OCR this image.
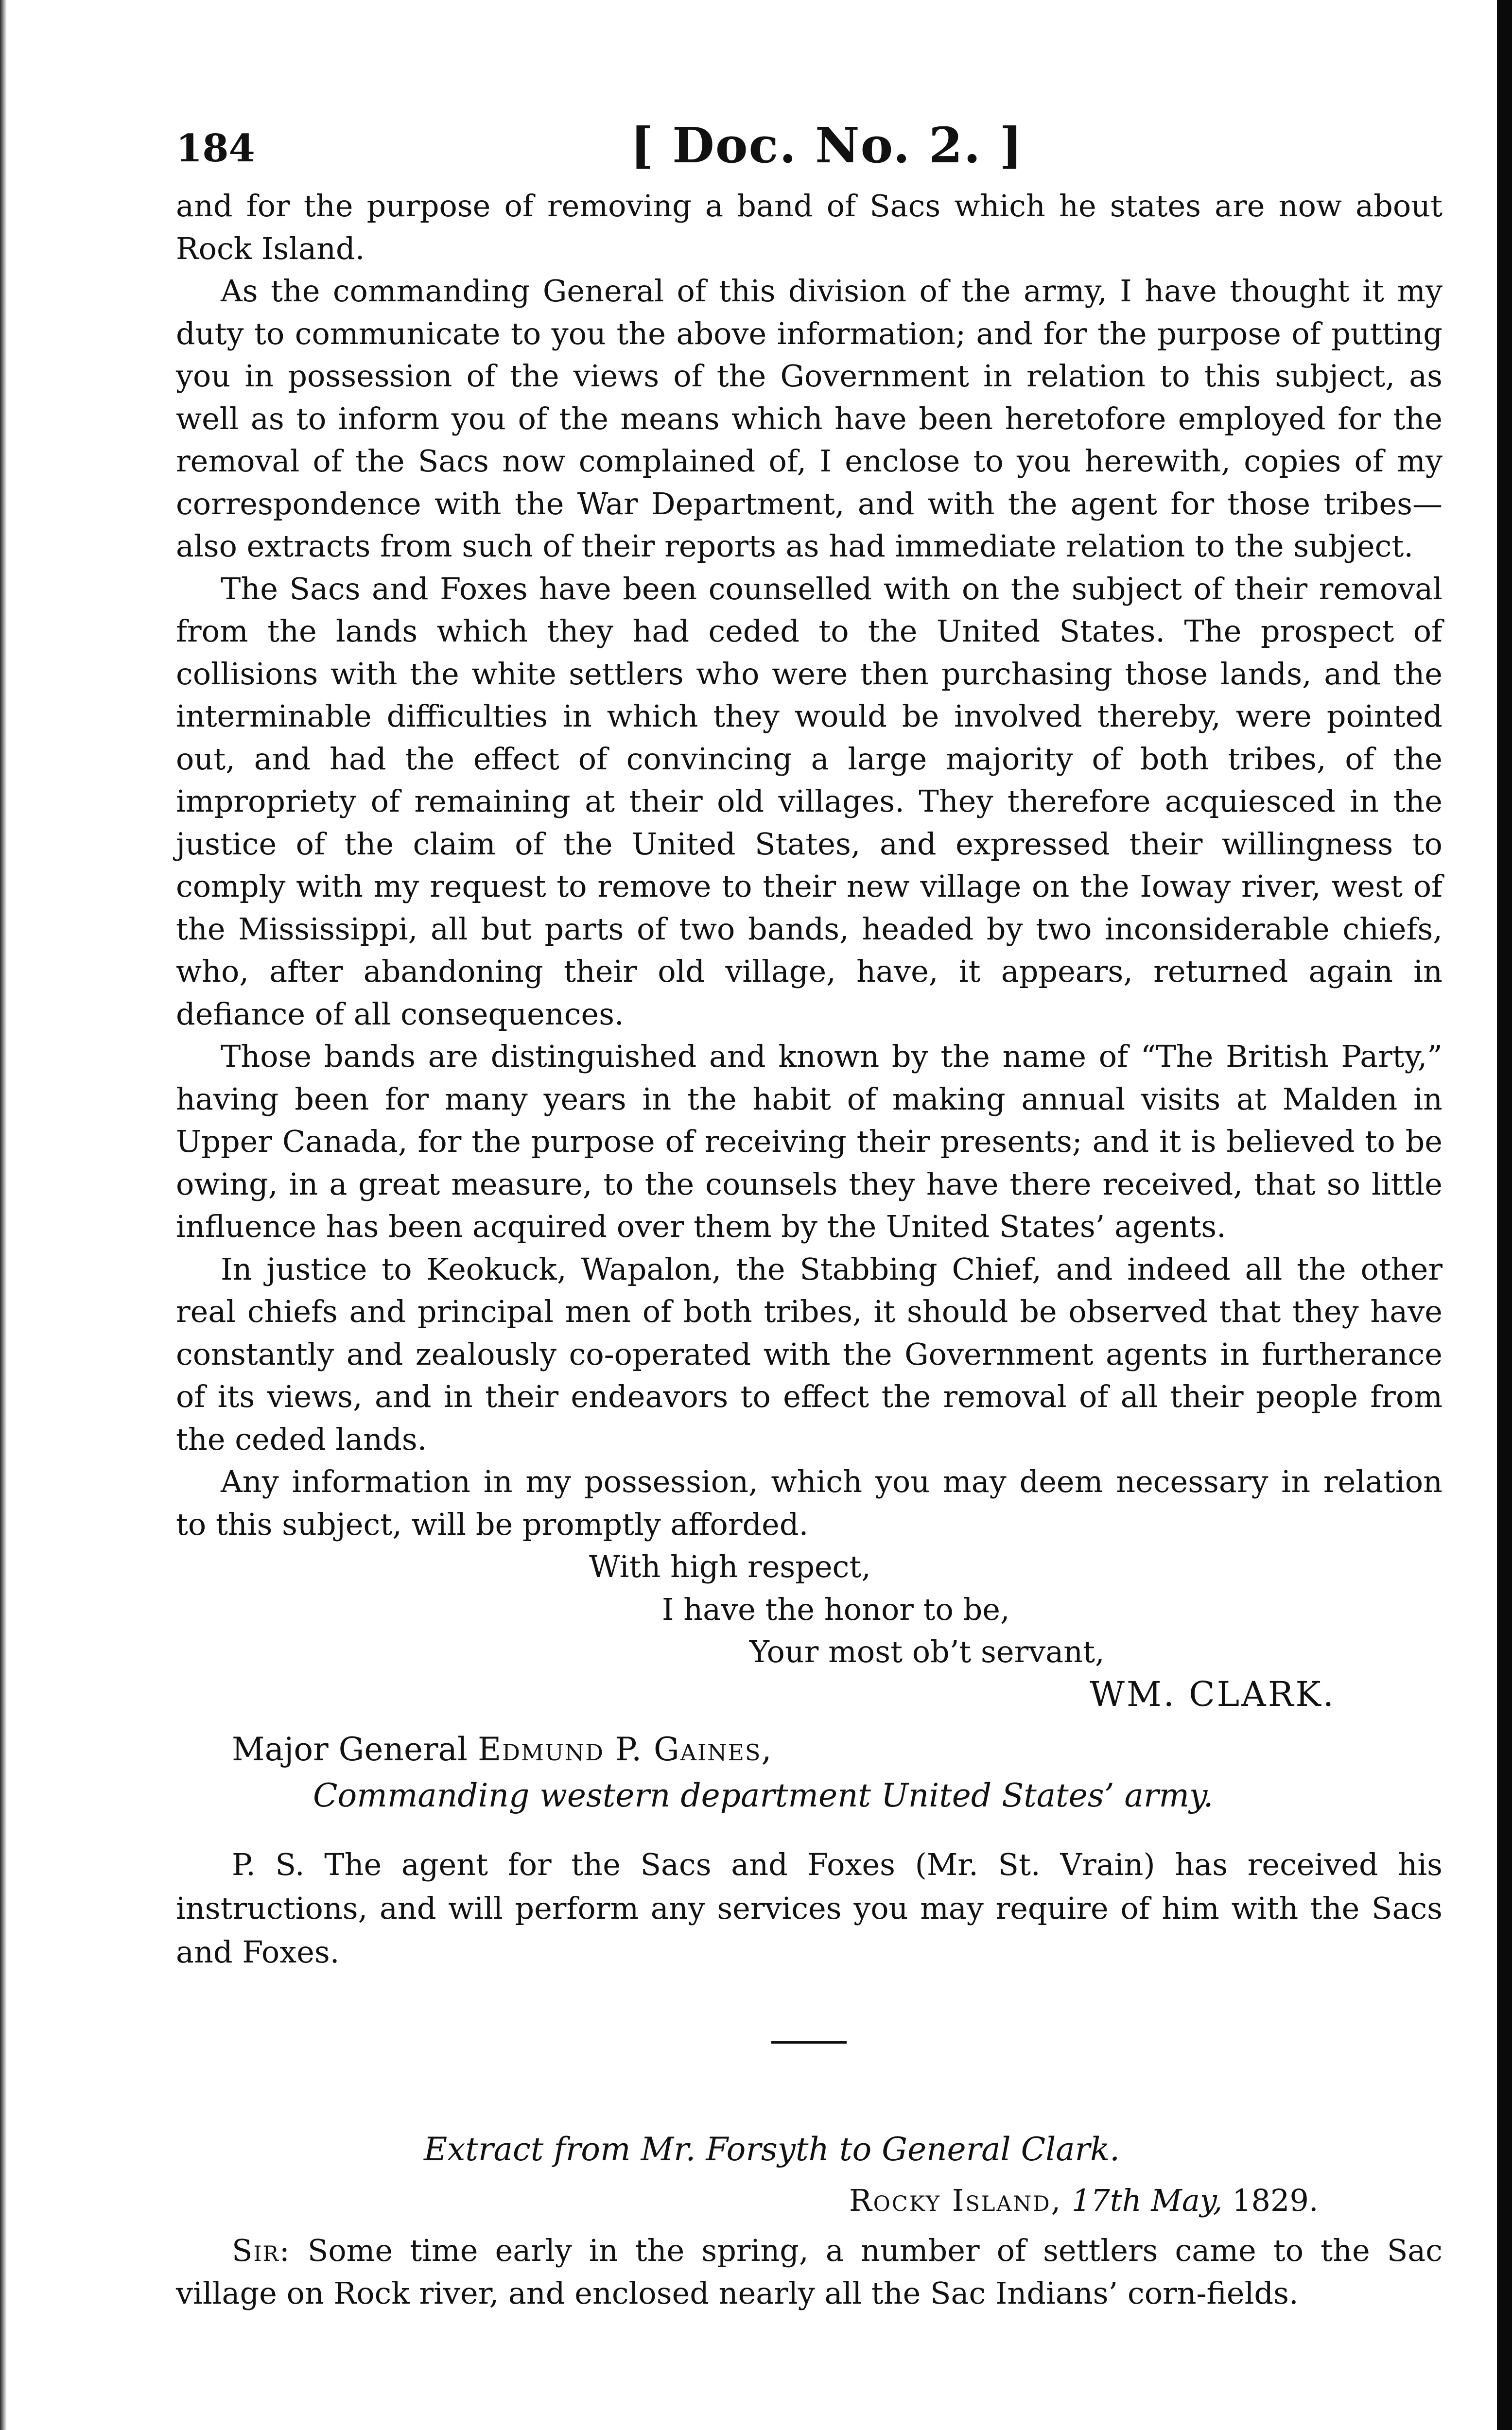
184	[ Doc. No. 2. ]

and for the purpose of removing a band of Sacs which he states are now about Rock Island.

As the commanding General of this division of the army, I have thought it my duty to communicate to you the above information; and for the purpose of putting you in possession of the views of the Government in relation to this subject, as well as to inform you of the means which have been heretofore employed for the removal of the Sacs now complained of, I enclose to you herewith, copies of my correspondence with the War Department, and with the agent for those tribes—also extracts from such of their reports as had immediate relation to the subject.

The Sacs and Foxes have been counselled with on the subject of their removal from the lands which they had ceded to the United States. The prospect of collisions with the white settlers who were then purchasing those lands, and the interminable difficulties in which they would be involved thereby, were pointed out, and had the effect of convincing a large majority of both tribes, of the impropriety of remaining at their old villages. They therefore acquiesced in the justice of the claim of the United States, and expressed their willingness to comply with my request to remove to their new village on the Ioway river, west of the Mississippi, all but parts of two bands, headed by two inconsiderable chiefs, who, after abandoning their old village, have, it appears, returned again in defiance of all consequences.

Those bands are distinguished and known by the name of “The British Party,” having been for many years in the habit of making annual visits at Malden in Upper Canada, for the purpose of receiving their presents; and it is believed to be owing, in a great measure, to the counsels they have there received, that so little influence has been acquired over them by the United States’ agents.

In justice to Keokuck, Wapalon, the Stabbing Chief, and indeed all the other real chiefs and principal men of both tribes, it should be observed that they have constantly and zealously co-operated with the Government agents in furtherance of its views, and in their endeavors to effect the removal of all their people from the ceded lands.

Any information in my possession, which you may deem necessary in relation to this subject, will be promptly afforded.

With high respect,

I have the honor to be,

Your most ob’t servant,

WM. CLARK.

Major General Edmund P. Gaines,

Commanding western department United States’ army.

P. S. The agent for the Sacs and Foxes (Mr. St. Vrain) has received his instructions, and will perform any services you may require of him with the Sacs and Foxes.

Extract from Mr. Forsyth to General Clark.

Rocky Island, 17th May, 1829.

Sir: Some time early in the spring, a number of settlers came to the Sac village on Rock river, and enclosed nearly all the Sac Indians’ corn-fields.
